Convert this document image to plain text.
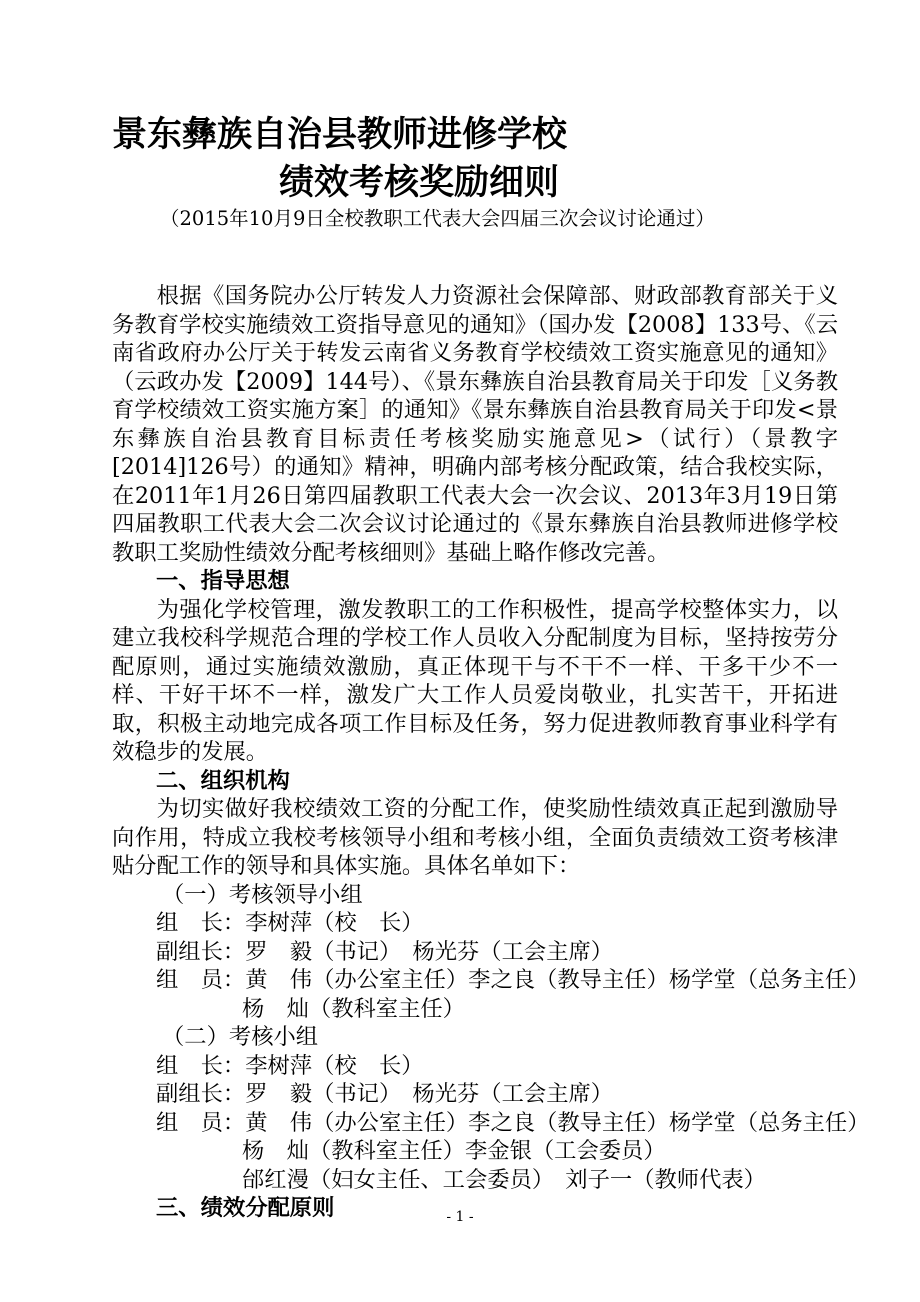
景东彝族自治县教师进修学校
绩效考核奖励细则
（2015年10月9日全校教职工代表大会四届三次会议讨论通过）

根据《国务院办公厅转发人力资源社会保障部、财政部教育部关于义务教育学校实施绩效工资指导意见的通知》（国办发【2008】133号、《云南省政府办公厅关于转发云南省义务教育学校绩效工资实施意见的通知》（云政办发【2009】144号）、《景东彝族自治县教育局关于印发［义务教育学校绩效工资实施方案］的通知》《景东彝族自治县教育局关于印发<景东彝族自治县教育目标责任考核奖励实施意见>（试行）（景教字[2014]126号）的通知》精神，明确内部考核分配政策，结合我校实际，在2011年1月26日第四届教职工代表大会一次会议、2013年3月19日第四届教职工代表大会二次会议讨论通过的《景东彝族自治县教师进修学校教职工奖励性绩效分配考核细则》基础上略作修改完善。

一、指导思想

为强化学校管理，激发教职工的工作积极性，提高学校整体实力，以建立我校科学规范合理的学校工作人员收入分配制度为目标，坚持按劳分配原则，通过实施绩效激励，真正体现干与不干不一样、干多干少不一样、干好干坏不一样，激发广大工作人员爱岗敬业，扎实苦干，开拓进取，积极主动地完成各项工作目标及任务，努力促进教师教育事业科学有效稳步的发展。

二、组织机构

为切实做好我校绩效工资的分配工作，使奖励性绩效真正起到激励导向作用，特成立我校考核领导小组和考核小组，全面负责绩效工资考核津贴分配工作的领导和具体实施。具体名单如下：

（一）考核领导小组

组　长：李树萍（校　长）

副组长：罗　毅（书记）　杨光芬（工会主席）

组　员：黄　伟（办公室主任）李之良（教导主任）杨学堂（总务主任）

杨　灿（教科室主任）

（二）考核小组

组　长：李树萍（校　长）

副组长：罗　毅（书记）　杨光芬（工会主席）

组　员：黄　伟（办公室主任）李之良（教导主任）杨学堂（总务主任）

杨　灿（教科室主任）李金银（工会委员）

邰红漫（妇女主任、工会委员）　刘子一（教师代表）

三、绩效分配原则	- 1 -
